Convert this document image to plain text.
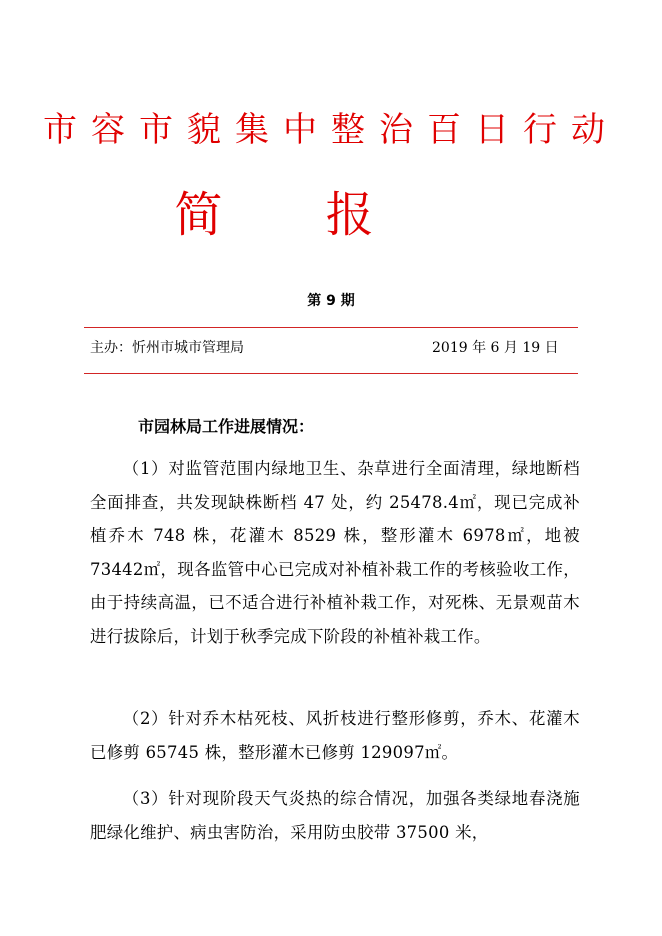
市容市貌集中整治百日行动
简 报
第 9 期
主办：忻州市城市管理局	2019 年 6 月 19 日
市园林局工作进展情况：

（1）对监管范围内绿地卫生、杂草进行全面清理，绿地断档全面排查，共发现缺株断档 47 处，约 25478.4㎡，现已完成补植乔木 748 株，花灌木 8529 株，整形灌木 6978㎡，地被 73442㎡，现各监管中心已完成对补植补栽工作的考核验收工作，由于持续高温，已不适合进行补植补栽工作，对死株、无景观苗木进行拔除后，计划于秋季完成下阶段的补植补栽工作。

（2）针对乔木枯死枝、风折枝进行整形修剪，乔木、花灌木已修剪 65745 株，整形灌木已修剪 129097㎡。

（3）针对现阶段天气炎热的综合情况，加强各类绿地春浇施肥绿化维护、病虫害防治，采用防虫胶带 37500 米，
